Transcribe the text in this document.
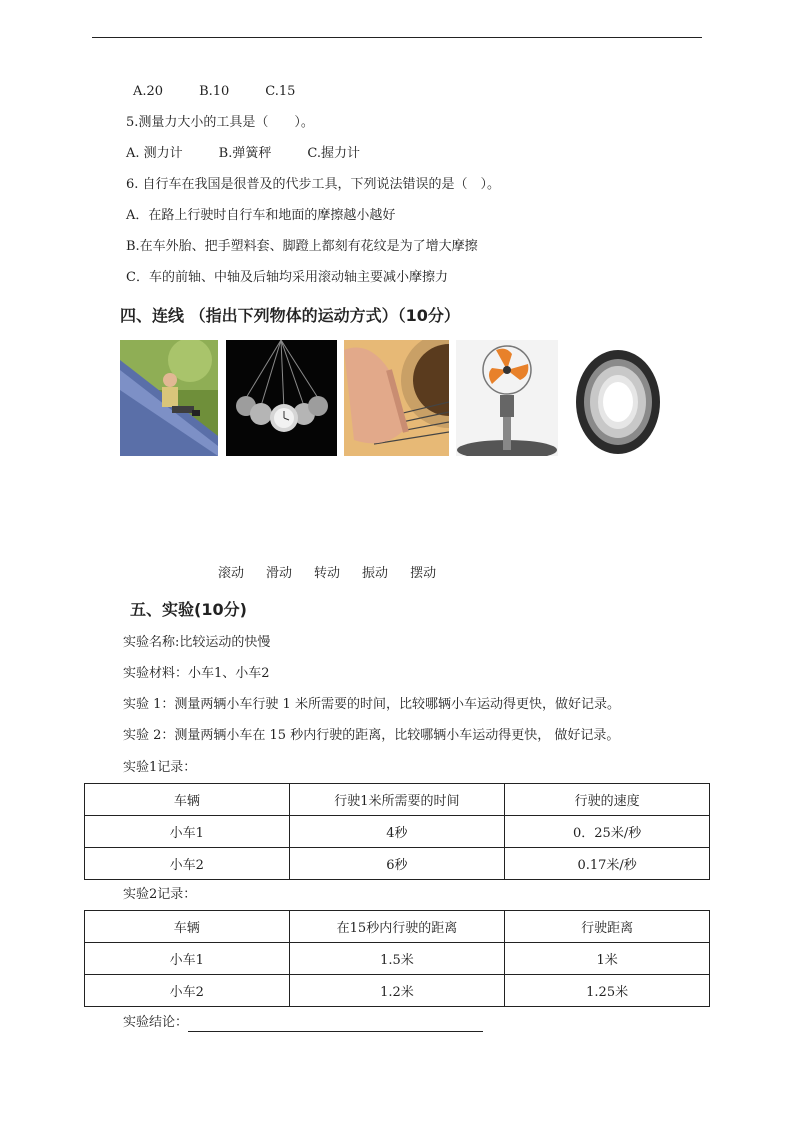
A.20	B.10	C.15
5.测量力大小的工具是（　　）。
A. 测力计	B.弹簧秤	C.握力计
6. 自行车在我国是很普及的代步工具，下列说法错误的是（　）。
A．在路上行驶时自行车和地面的摩擦越小越好
B.在车外胎、把手塑料套、脚蹬上都刻有花纹是为了增大摩擦
C．车的前轴、中轴及后轴均采用滚动轴主要减小摩擦力
四、连线 （指出下列物体的运动方式）（10分）
滚动 滑动 转动 振动 摆动
五、实验(10分)
实验名称:比较运动的快慢
实验材料：小车1、小车2
实验 1：测量两辆小车行驶 1 米所需要的时间，比较哪辆小车运动得更快，做好记录。
实验 2：测量两辆小车在 15 秒内行驶的距离，比较哪辆小车运动得更快， 做好记录。
实验1记录：
车辆	行驶1米所需要的时间	行驶的速度
小车1	4秒	0．25米/秒
小车2	6秒	0.17米/秒
实验2记录：
车辆	在15秒内行驶的距离	行驶距离
小车1	1.5米	1米
小车2	1.2米	1.25米
实验结论：
